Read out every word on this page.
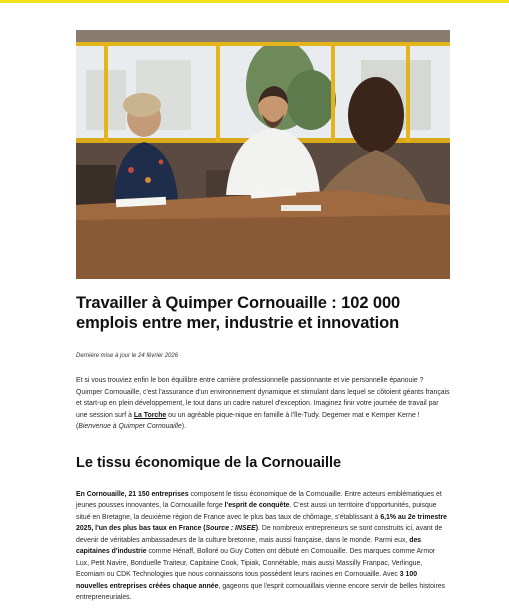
Travailler à Quimper Cornouaille : 102 000 emplois entre mer, industrie et innovation
Dernière mise à jour le 24 février 2026

Et si vous trouviez enfin le bon équilibre entre carrière professionnelle passionnante et vie personnelle épanouie ? Quimper Cornouaille, c'est l'assurance d'un environnement dynamique et stimulant dans lequel se côtoient géants français et start-up en plein développement, le tout dans un cadre naturel d'exception. Imaginez finir votre journée de travail par une session surf à La Torche ou un agréable pique-nique en famille à l'île-Tudy. Degemer mat e Kemper Kerne ! (Bienvenue à Quimper Cornouaille).

Le tissu économique de la Cornouaille

En Cornouaille, 21 150 entreprises composent le tissu économique de la Cornouaille. Entre acteurs emblématiques et jeunes pousses innovantes, la Cornouaille forge l'esprit de conquête. C'est aussi un territoire d'opportunités, puisque situé en Bretagne, la deuxième région de France avec le plus bas taux de chômage, s'établissant à 6,1% au 2e trimestre 2025, l'un des plus bas taux en France (Source : INSEE). De nombreux entrepreneurs se sont construits ici, avant de devenir de véritables ambassadeurs de la culture bretonne, mais aussi française, dans le monde. Parmi eux, des capitaines d'industrie comme Hénaff, Bolloré ou Guy Cotten ont débuté en Cornouaille. Des marques comme Armor Lux, Petit Navire, Bonduelle Traiteur, Capitaine Cook, Tipiak, Connétable, mais aussi Massilly Franpac, Verlingue, Ecomiam ou CDK Technologies que nous connaissons tous possèdent leurs racines en Cornouaille. Avec 3 100 nouvelles entreprises créées chaque année, gageons que l'esprit cornouaillais vienne encore servir de belles histoires entrepreneuriales.
